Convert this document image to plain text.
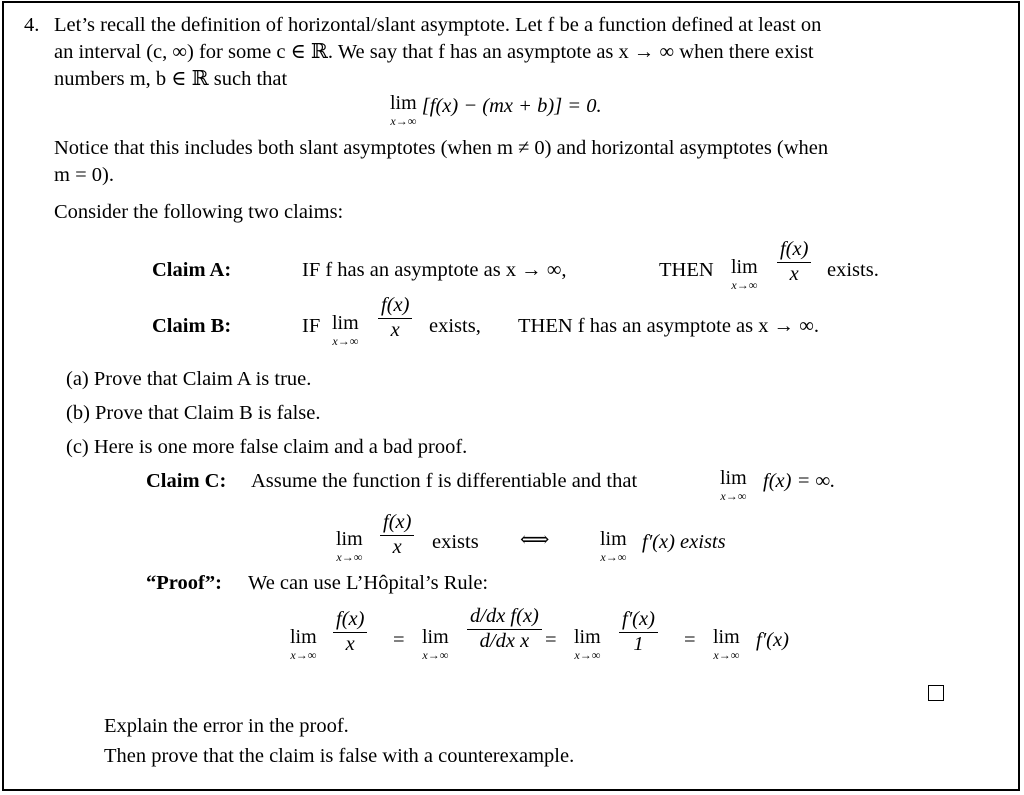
4. Let’s recall the definition of horizontal/slant asymptote. Let f be a function defined at least on
an interval (c, ∞) for some c ∈ ℝ. We say that f has an asymptote as x → ∞ when there exist
numbers m, b ∈ ℝ such that
lim
x→∞
[f(x) − (mx + b)] = 0.
Notice that this includes both slant asymptotes (when m ≠ 0) and horizontal asymptotes (when
m = 0).
Consider the following two claims:
Claim A:	IF f has an asymptote as x → ∞,	THEN lim
$x\to\infty \frac{f(x)}{x}$ exists.
Claim B:	IF lim
$x\to\infty \frac{f(x)}{x}$ exists, THEN f has an asymptote as x → ∞.
(a) Prove that Claim A is true.
(b) Prove that Claim B is false.
(c) Here is one more false claim and a bad proof.
Claim C: Assume the function f is differentiable and that	lim
x→∞
f(x) = ∞.
lim
$x\to\infty \frac{f(x)}{x}$ exists ⟺	lim
x→∞
f′(x) exists
“Proof”: We can use L’Hôpital’s Rule:
lim
$x\to\infty \frac{f(x)}{x} = \lim$
x→∞
$\frac{\text{d/dx f(x)}}{\text{d/dx x}} = \lim$
$x\to\infty \frac{f'(x)}{1} = \lim$
x→∞
f′(x)
Explain the error in the proof.
Then prove that the claim is false with a counterexample.
